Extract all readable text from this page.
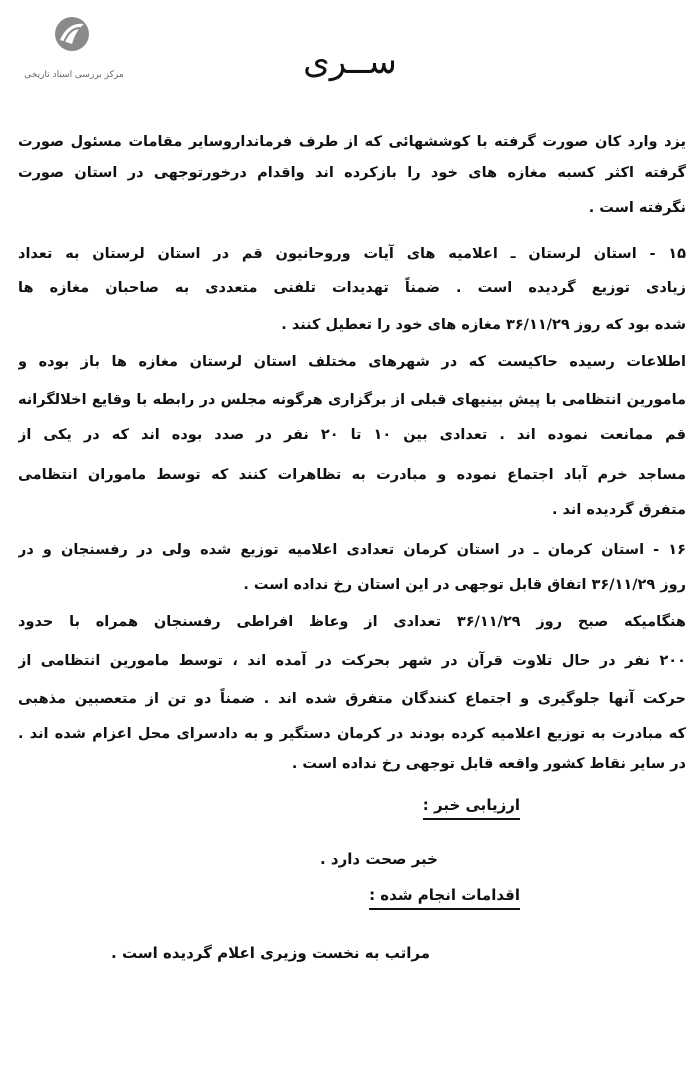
مرکز بررسی اسناد تاریخی	ســری
یزد وارد کان صورت گرفته با کوششهائی که از طرف فرمانداروسایر مقامات مسئول صورت
گرفته اکثر کسبه مغازه های خود را بازکرده اند واقدام درخورتوجهی در استان صورت
نگرفته است .
۱۵ - استان لرستان ـ اعلامیه های آیات وروحانیون قم در استان لرستان به تعداد
زیادی توزیع گردیده است . ضمناً تهدیدات تلفنی متعددی به صاحبان مغازه ها
شده بود که روز ۳۶/۱۱/۲۹ مغازه های خود را تعطیل کنند .
اطلاعات رسیده حاکیست که در شهرهای مختلف استان لرستان مغازه ها باز بوده و
مامورین انتظامی با پیش بینیهای قبلی از برگزاری هرگونه مجلس در رابطه با وقایع اخلالگرانه
قم ممانعت نموده اند . تعدادی بین ۱۰ تا ۲۰ نفر در صدد بوده اند که در یکی از
مساجد خرم آباد اجتماع نموده و مبادرت به تظاهرات کنند که توسط ماموران انتظامی
متفرق گردیده اند .
۱۶ - استان کرمان ـ در استان کرمان تعدادی اعلامیه توزیع شده ولی در رفسنجان و در
روز ۳۶/۱۱/۲۹ اتفاق قابل توجهی در این استان رخ نداده است .
هنگامیکه صبح روز ۳۶/۱۱/۲۹ تعدادی از وعاظ افراطی رفسنجان همراه با حدود
۲۰۰ نفر در حال تلاوت قرآن در شهر بحرکت در آمده اند ، توسط مامورین انتظامی از
حرکت آنها جلوگیری و اجتماع کنندگان متفرق شده اند . ضمناً دو تن از متعصبین مذهبی
که مبادرت به توزیع اعلامیه کرده بودند در کرمان دستگیر و به دادسرای محل اعزام شده اند .
در سایر نقاط کشور واقعه قابل توجهی رخ نداده است .
ارزیابی خبر :
خبر صحت دارد .
اقدامات انجام شده :
مراتب به نخست وزیری اعلام گردیده است .
